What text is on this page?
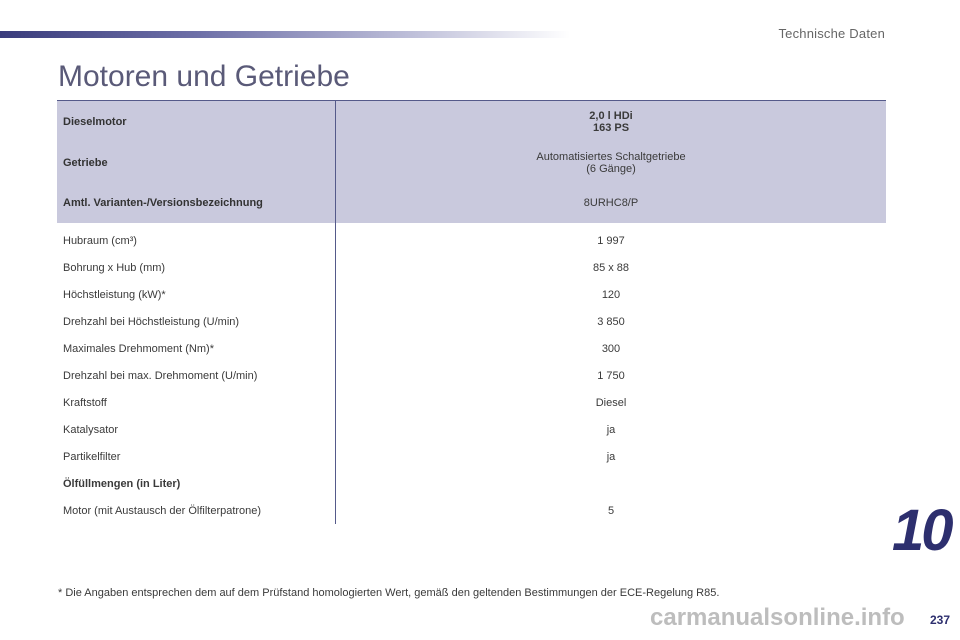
Technische Daten
Motoren und Getriebe
Dieselmotor	2,0 l HDi
163 PS

Getriebe	Automatisiertes Schaltgetriebe
(6 Gänge)

Amtl. Varianten-/Versionsbezeichnung	8URHC8/P
Hubraum (cm³)	1 997
Bohrung x Hub (mm)	85 x 88
Höchstleistung (kW)*	120
Drehzahl bei Höchstleistung (U/min)	3 850
Maximales Drehmoment (Nm)*	300
Drehzahl bei max. Drehmoment (U/min)	1 750
Kraftstoff	Diesel
Katalysator	ja
Partikelfilter	ja
Ölfüllmengen (in Liter)	
Motor (mit Austausch der Ölfilterpatrone)	5
* Die Angaben entsprechen dem auf dem Prüfstand homologierten Wert, gemäß den geltenden Bestimmungen der ECE-Regelung R85.
10
carmanualsonline.info 237
